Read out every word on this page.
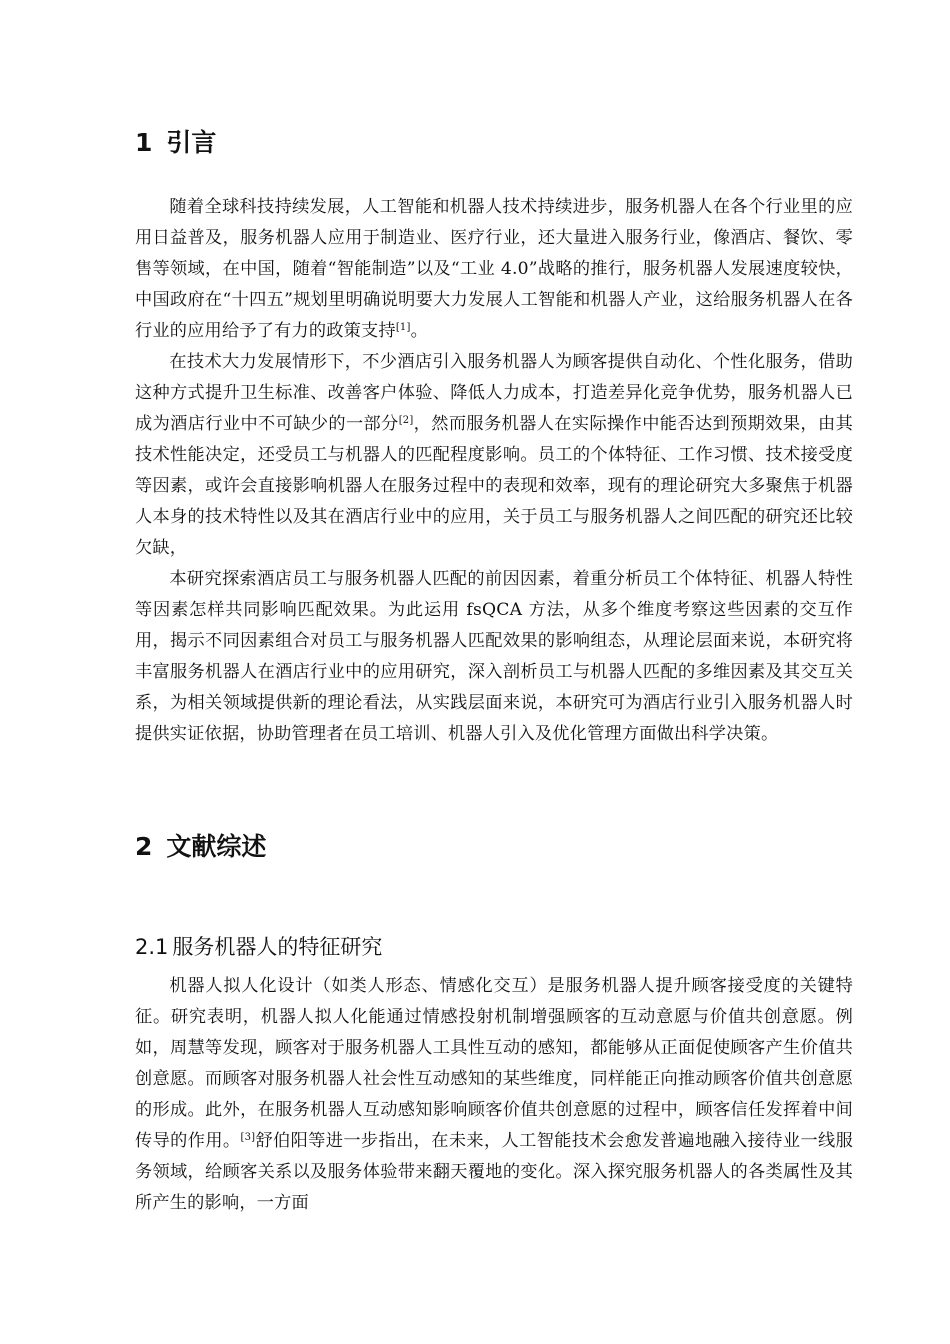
1 引言

随着全球科技持续发展，人工智能和机器人技术持续进步，服务机器人在各个行业里的应用日益普及，服务机器人应用于制造业、医疗行业，还大量进入服务行业，像酒店、餐饮、零售等领域，在中国，随着“智能制造”以及“工业 4.0”战略的推行，服务机器人发展速度较快，中国政府在“十四五”规划里明确说明要大力发展人工智能和机器人产业，这给服务机器人在各行业的应用给予了有力的政策支持[1]。

在技术大力发展情形下，不少酒店引入服务机器人为顾客提供自动化、个性化服务，借助这种方式提升卫生标准、改善客户体验、降低人力成本，打造差异化竞争优势，服务机器人已成为酒店行业中不可缺少的一部分[2]，然而服务机器人在实际操作中能否达到预期效果，由其技术性能决定，还受员工与机器人的匹配程度影响。员工的个体特征、工作习惯、技术接受度等因素，或许会直接影响机器人在服务过程中的表现和效率，现有的理论研究大多聚焦于机器人本身的技术特性以及其在酒店行业中的应用，关于员工与服务机器人之间匹配的研究还比较欠缺，

本研究探索酒店员工与服务机器人匹配的前因因素，着重分析员工个体特征、机器人特性等因素怎样共同影响匹配效果。为此运用 fsQCA 方法，从多个维度考察这些因素的交互作用，揭示不同因素组合对员工与服务机器人匹配效果的影响组态，从理论层面来说，本研究将丰富服务机器人在酒店行业中的应用研究，深入剖析员工与机器人匹配的多维因素及其交互关系，为相关领域提供新的理论看法，从实践层面来说，本研究可为酒店行业引入服务机器人时提供实证依据，协助管理者在员工培训、机器人引入及优化管理方面做出科学决策。

2 文献综述
2.1 服务机器人的特征研究

机器人拟人化设计（如类人形态、情感化交互）是服务机器人提升顾客接受度的关键特征。研究表明，机器人拟人化能通过情感投射机制增强顾客的互动意愿与价值共创意愿。例如，周慧等发现，顾客对于服务机器人工具性互动的感知，都能够从正面促使顾客产生价值共创意愿。而顾客对服务机器人社会性互动感知的某些维度，同样能正向推动顾客价值共创意愿的形成。此外，在服务机器人互动感知影响顾客价值共创意愿的过程中，顾客信任发挥着中间传导的作用。[3]舒伯阳等进一步指出，在未来，人工智能技术会愈发普遍地融入接待业一线服务领域，给顾客关系以及服务体验带来翻天覆地的变化。深入探究服务机器人的各类属性及其所产生的影响，一方面
